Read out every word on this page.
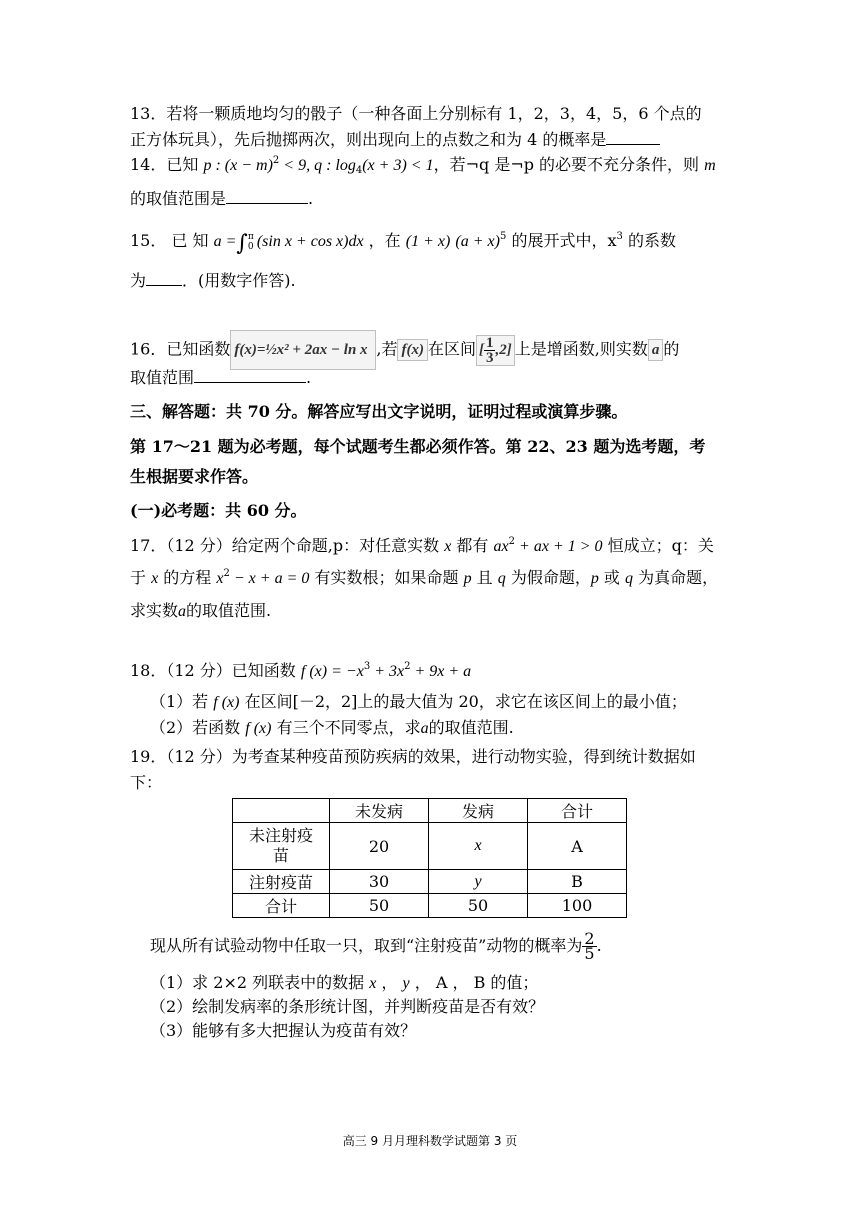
13．若将一颗质地均匀的骰子（一种各面上分别标有 1，2，3，4，5，6 个点的
正方体玩具），先后抛掷两次，则出现向上的点数之和为 4 的概率是
14．已知 p : $(x - m)^2 < 9$, q : $\log_4(x + 3) < 1$，若¬q 是¬p 的必要不充分条件，则 m
的取值范围是	.
15． 已 知 a =∫π
0 (sin x + cos x)dx ，在 (1 + x) $(a + x)^5$ 的展开式中，$x^3$ 的系数
为 ．(用数字作答).
16．已知函数 f(x)=½x² + 2ax − ln x ,若 f(x) 在区间 [ $\frac{1}{3} ,2$] 上是增函数,则实数 a 的
取值范围	.
三、解答题：共 70 分。解答应写出文字说明，证明过程或演算步骤。
第 17～21 题为必考题，每个试题考生都必须作答。第 22、23 题为选考题，考
生根据要求作答。
(一)必考题：共 60 分。
17．（12 分）给定两个命题,p：对任意实数 x 都有 $ax^2$ + ax + 1 > 0 恒成立；q：关
于 x 的方程 $x^2 - x + a = 0$ 有实数根；如果命题 p 且 q 为假命题，p 或 q 为真命题，
求实数a的取值范围.
18．（12 分）已知函数 f $(x) = -x^3 + 3x^2 + 9x + a$
（1）若 f (x) 在区间[－2，2]上的最大值为 20，求它在该区间上的最小值；
（2）若函数 f (x) 有三个不同零点，求a的取值范围.
19．（12 分）为考查某种疫苗预防疾病的效果，进行动物实验，得到统计数据如
下：
	未发病	发病	合计
未注射疫
苗	20	x	A
注射疫苗	30	y	B
合计	50	50	100
现从所有试验动物中任取一只，取到“注射疫苗”动物的概率为 $\frac{2}{5}$ .
（1）求 2×2 列联表中的数据 x ， y ， A ， B 的值；
（2）绘制发病率的条形统计图，并判断疫苗是否有效？
（3）能够有多大把握认为疫苗有效？
高三 9 月月理科数学试题第 3 页
